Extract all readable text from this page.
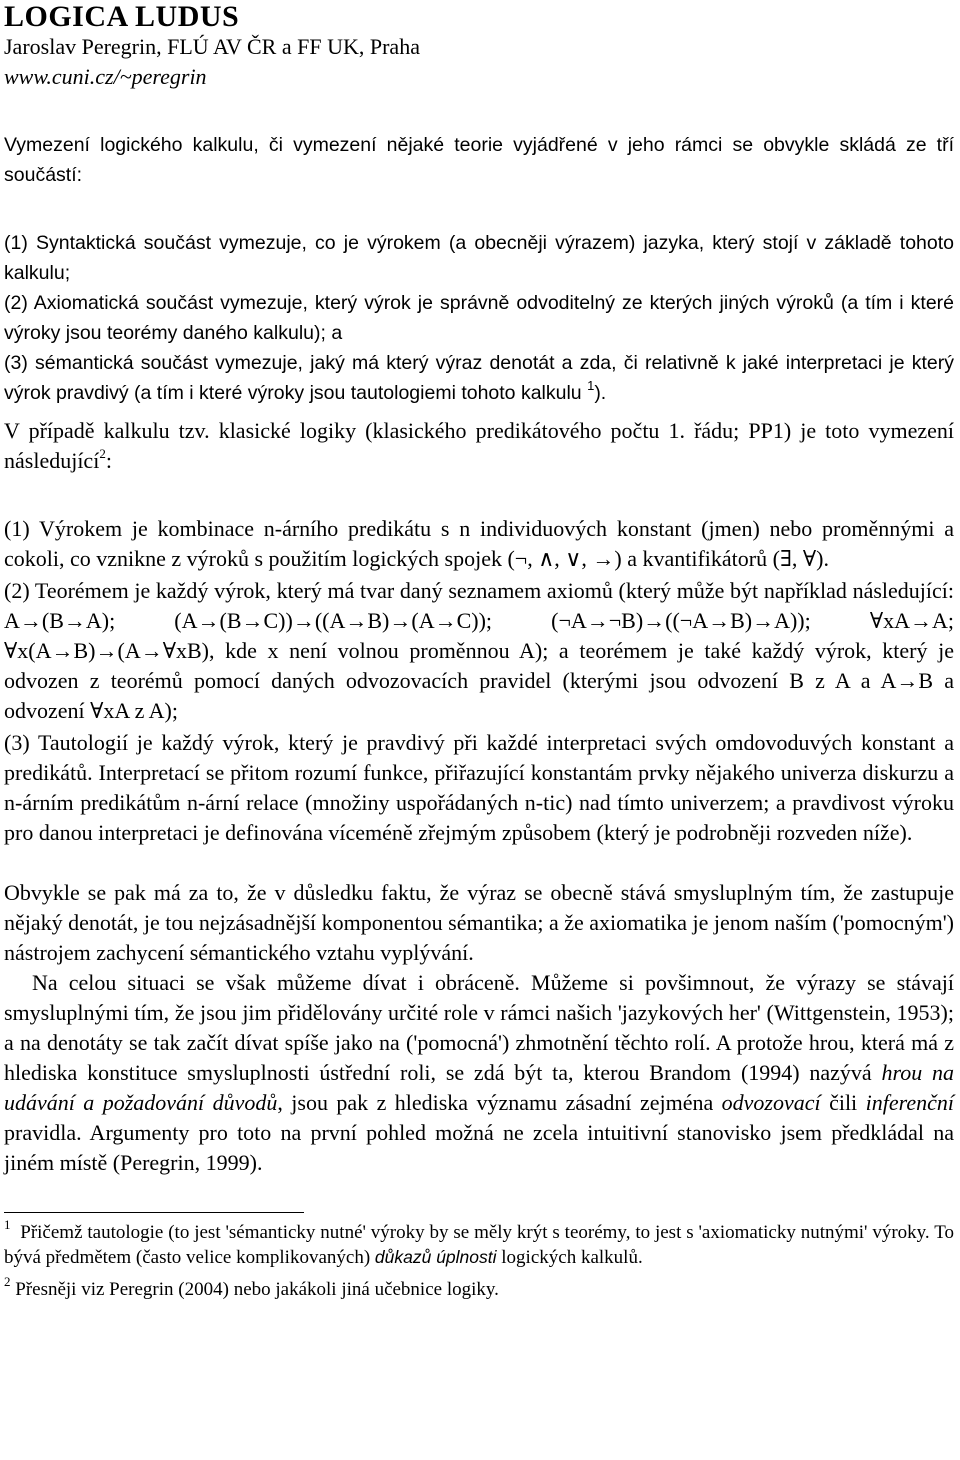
LOGICA LUDUS
Jaroslav Peregrin, FLÚ AV ČR a FF UK, Praha
www.cuni.cz/~peregrin

Vymezení logického kalkulu, či vymezení nějaké teorie vyjádřené v jeho rámci se obvykle skládá ze tří součástí:

(1) Syntaktická součást vymezuje, co je výrokem (a obecněji výrazem) jazyka, který stojí v základě tohoto kalkulu;

(2) Axiomatická součást vymezuje, který výrok je správně odvoditelný ze kterých jiných výroků (a tím i které výroky jsou teorémy daného kalkulu); a

(3) sémantická součást vymezuje, jaký má který výraz denotát a zda, či relativně k jaké interpretaci je který výrok pravdivý (a tím i které výroky jsou tautologiemi tohoto kalkulu $^1$).

V případě kalkulu tzv. klasické logiky (klasického predikátového počtu 1. řádu; PP1) je toto vymezení následující$^2$:

(1) Výrokem je kombinace n-árního predikátu s n individuových konstant (jmen) nebo proměnnými a cokoli, co vznikne z výroků s použitím logických spojek (¬, ∧, ∨, →) a kvantifikátorů (∃, ∀).

(2) Teorémem je každý výrok, který má tvar daný seznamem axiomů (který může být například následující: A→(B→A); (A→(B→C))→((A→B)→(A→C)); (¬A→¬B)→((¬A→B)→A)); ∀xA→A; ∀x(A→B)→(A→∀xB), kde x není volnou proměnnou A); a teorémem je také každý výrok, který je odvozen z teorémů pomocí daných odvozovacích pravidel (kterými jsou odvození B z A a A→B a odvození ∀xA z A);

(3) Tautologií je každý výrok, který je pravdivý při každé interpretaci svých omdovoduvých konstant a predikátů. Interpretací se přitom rozumí funkce, přiřazující konstantám prvky nějakého univerza diskurzu a n-árním predikátům n-ární relace (množiny uspořádaných n-tic) nad tímto univerzem; a pravdivost výroku pro danou interpretaci je definována víceméně zřejmým způsobem (který je podrobněji rozveden níže).

Obvykle se pak má za to, že v důsledku faktu, že výraz se obecně stává smysluplným tím, že zastupuje nějaký denotát, je tou nejzásadnější komponentou sémantika; a že axiomatika je jenom naším ('pomocným') nástrojem zachycení sémantického vztahu vyplývání.

Na celou situaci se však můžeme dívat i obráceně. Můžeme si povšimnout, že výrazy se stávají smysluplnými tím, že jsou jim přidělovány určité role v rámci našich 'jazykových her' (Wittgenstein, 1953); a na denotáty se tak začít dívat spíše jako na ('pomocná') zhmotnění těchto rolí. A protože hrou, která má z hlediska konstituce smysluplnosti ústřední roli, se zdá být ta, kterou Brandom (1994) nazývá hrou na udávání a požadování důvodů, jsou pak z hlediska významu zásadní zejména odvozovací čili inferenční pravidla. Argumenty pro toto na první pohled možná ne zcela intuitivní stanovisko jsem předkládal na jiném místě (Peregrin, 1999).

$^1$ Přičemž tautologie (to jest 'sémanticky nutné' výroky by se měly krýt s teorémy, to jest s 'axiomaticky nutnými' výroky. To bývá předmětem (často velice komplikovaných) důkazů úplnosti logických kalkulů.

$^2$ Přesněji viz Peregrin (2004) nebo jakákoli jiná učebnice logiky.
